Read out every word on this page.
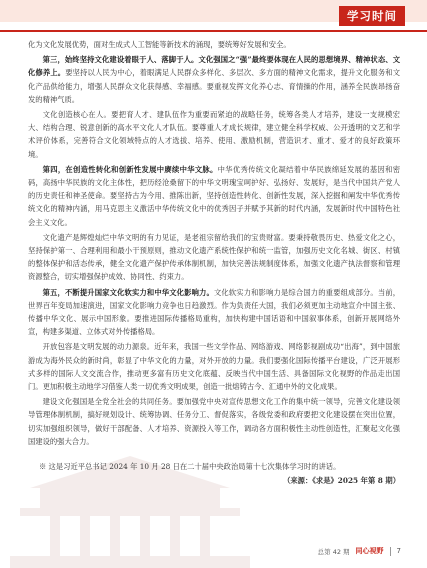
学习时间

化为文化发展优势，面对生成式人工智能等新技术的涌现，要统筹好发展和安全。

第三，始终坚持文化建设着眼于人、落脚于人。文化强国之“强”最终要体现在人民的思想境界、精神状态、文化修养上。要坚持以人民为中心，着眼满足人民群众多样化、多层次、多方面的精神文化需求，提升文化服务和文化产品供给能力，增强人民群众文化获得感、幸福感。要重视发挥文化养心志、育情操的作用，涵养全民族昂扬奋发的精神气质。

文化创造核心在人。要把育人才、建队伍作为重要而紧迫的战略任务，统筹各类人才培养，建设一支规模宏大、结构合理、锐意创新的高水平文化人才队伍。要尊重人才成长规律，建立健全科学权威、公开透明的文艺和学术评价体系，完善符合文化领域特点的人才选拔、培养、使用、激励机制，营造识才、重才、爱才的良好政策环境。

第四，在创造性转化和创新性发展中赓续中华文脉。中华优秀传统文化凝结着中华民族绵延发展的基因和密码，高扬中华民族的文化主体性，把历经沧桑留下的中华文明瑰宝呵护好、弘扬好、发展好，是当代中国共产党人的历史责任和神圣使命。要坚持古为今用、推陈出新，坚持创造性转化、创新性发展，深入挖掘和阐发中华优秀传统文化的精神内涵，用马克思主义激活中华传统文化中的优秀因子并赋予其新的时代内涵，发展新时代中国特色社会主义文化。

文化遗产是辉煌灿烂中华文明的有力见证，是老祖宗留给我们的宝贵财富。要秉持敬畏历史、热爱文化之心，坚持保护第一、合理利用和最小干预原则，推动文化遗产系统性保护和统一监管，加强历史文化名城、街区、村镇的整体保护和活态传承，健全文化遗产保护传承体制机制，加快完善法规制度体系，加强文化遗产执法督察和管理资源整合，切实增强保护成效、协同性、约束力。

第五，不断提升国家文化软实力和中华文化影响力。文化软实力和影响力是综合国力的重要组成部分。当前，世界百年变局加速演进，国家文化影响力竞争也日趋激烈。作为负责任大国，我们必须更加主动地宣介中国主张、传播中华文化、展示中国形象。要推进国际传播格局重构，加快构建中国话语和中国叙事体系，创新开展网络外宣，构建多渠道、立体式对外传播格局。

开放包容是文明发展的动力源泉。近年来，我国一些文学作品、网络游戏、网络影视剧成功“出海”，到中国旅游成为海外民众的新时尚，彰显了中华文化的力量，对外开放的力量。我们要强化国际传播平台建设，广泛开展形式多样的国际人文交流合作，推动更多富有历史文化底蕴、反映当代中国生活、具备国际文化视野的作品走出国门。更加积极主动地学习借鉴人类一切优秀文明成果，创造一批熔铸古今、汇通中外的文化成果。

建设文化强国是全党全社会的共同任务。要加强党中央对宣传思想文化工作的集中统一领导，完善文化建设领导管理体制机制，搞好规划设计、统筹协调、任务分工、督促落实，各级党委和政府要把文化建设摆在突出位置，切实加强组织领导，做好干部配备、人才培养、资源投入等工作，调动各方面积极性主动性创造性，汇聚起文化强国建设的强大合力。

※ 这是习近平总书记 2024 年 10 月 28 日在二十届中央政治局第十七次集体学习时的讲话。
（来源：《求是》2025 年第 8 期）
总第 42 期 同心视野 7
